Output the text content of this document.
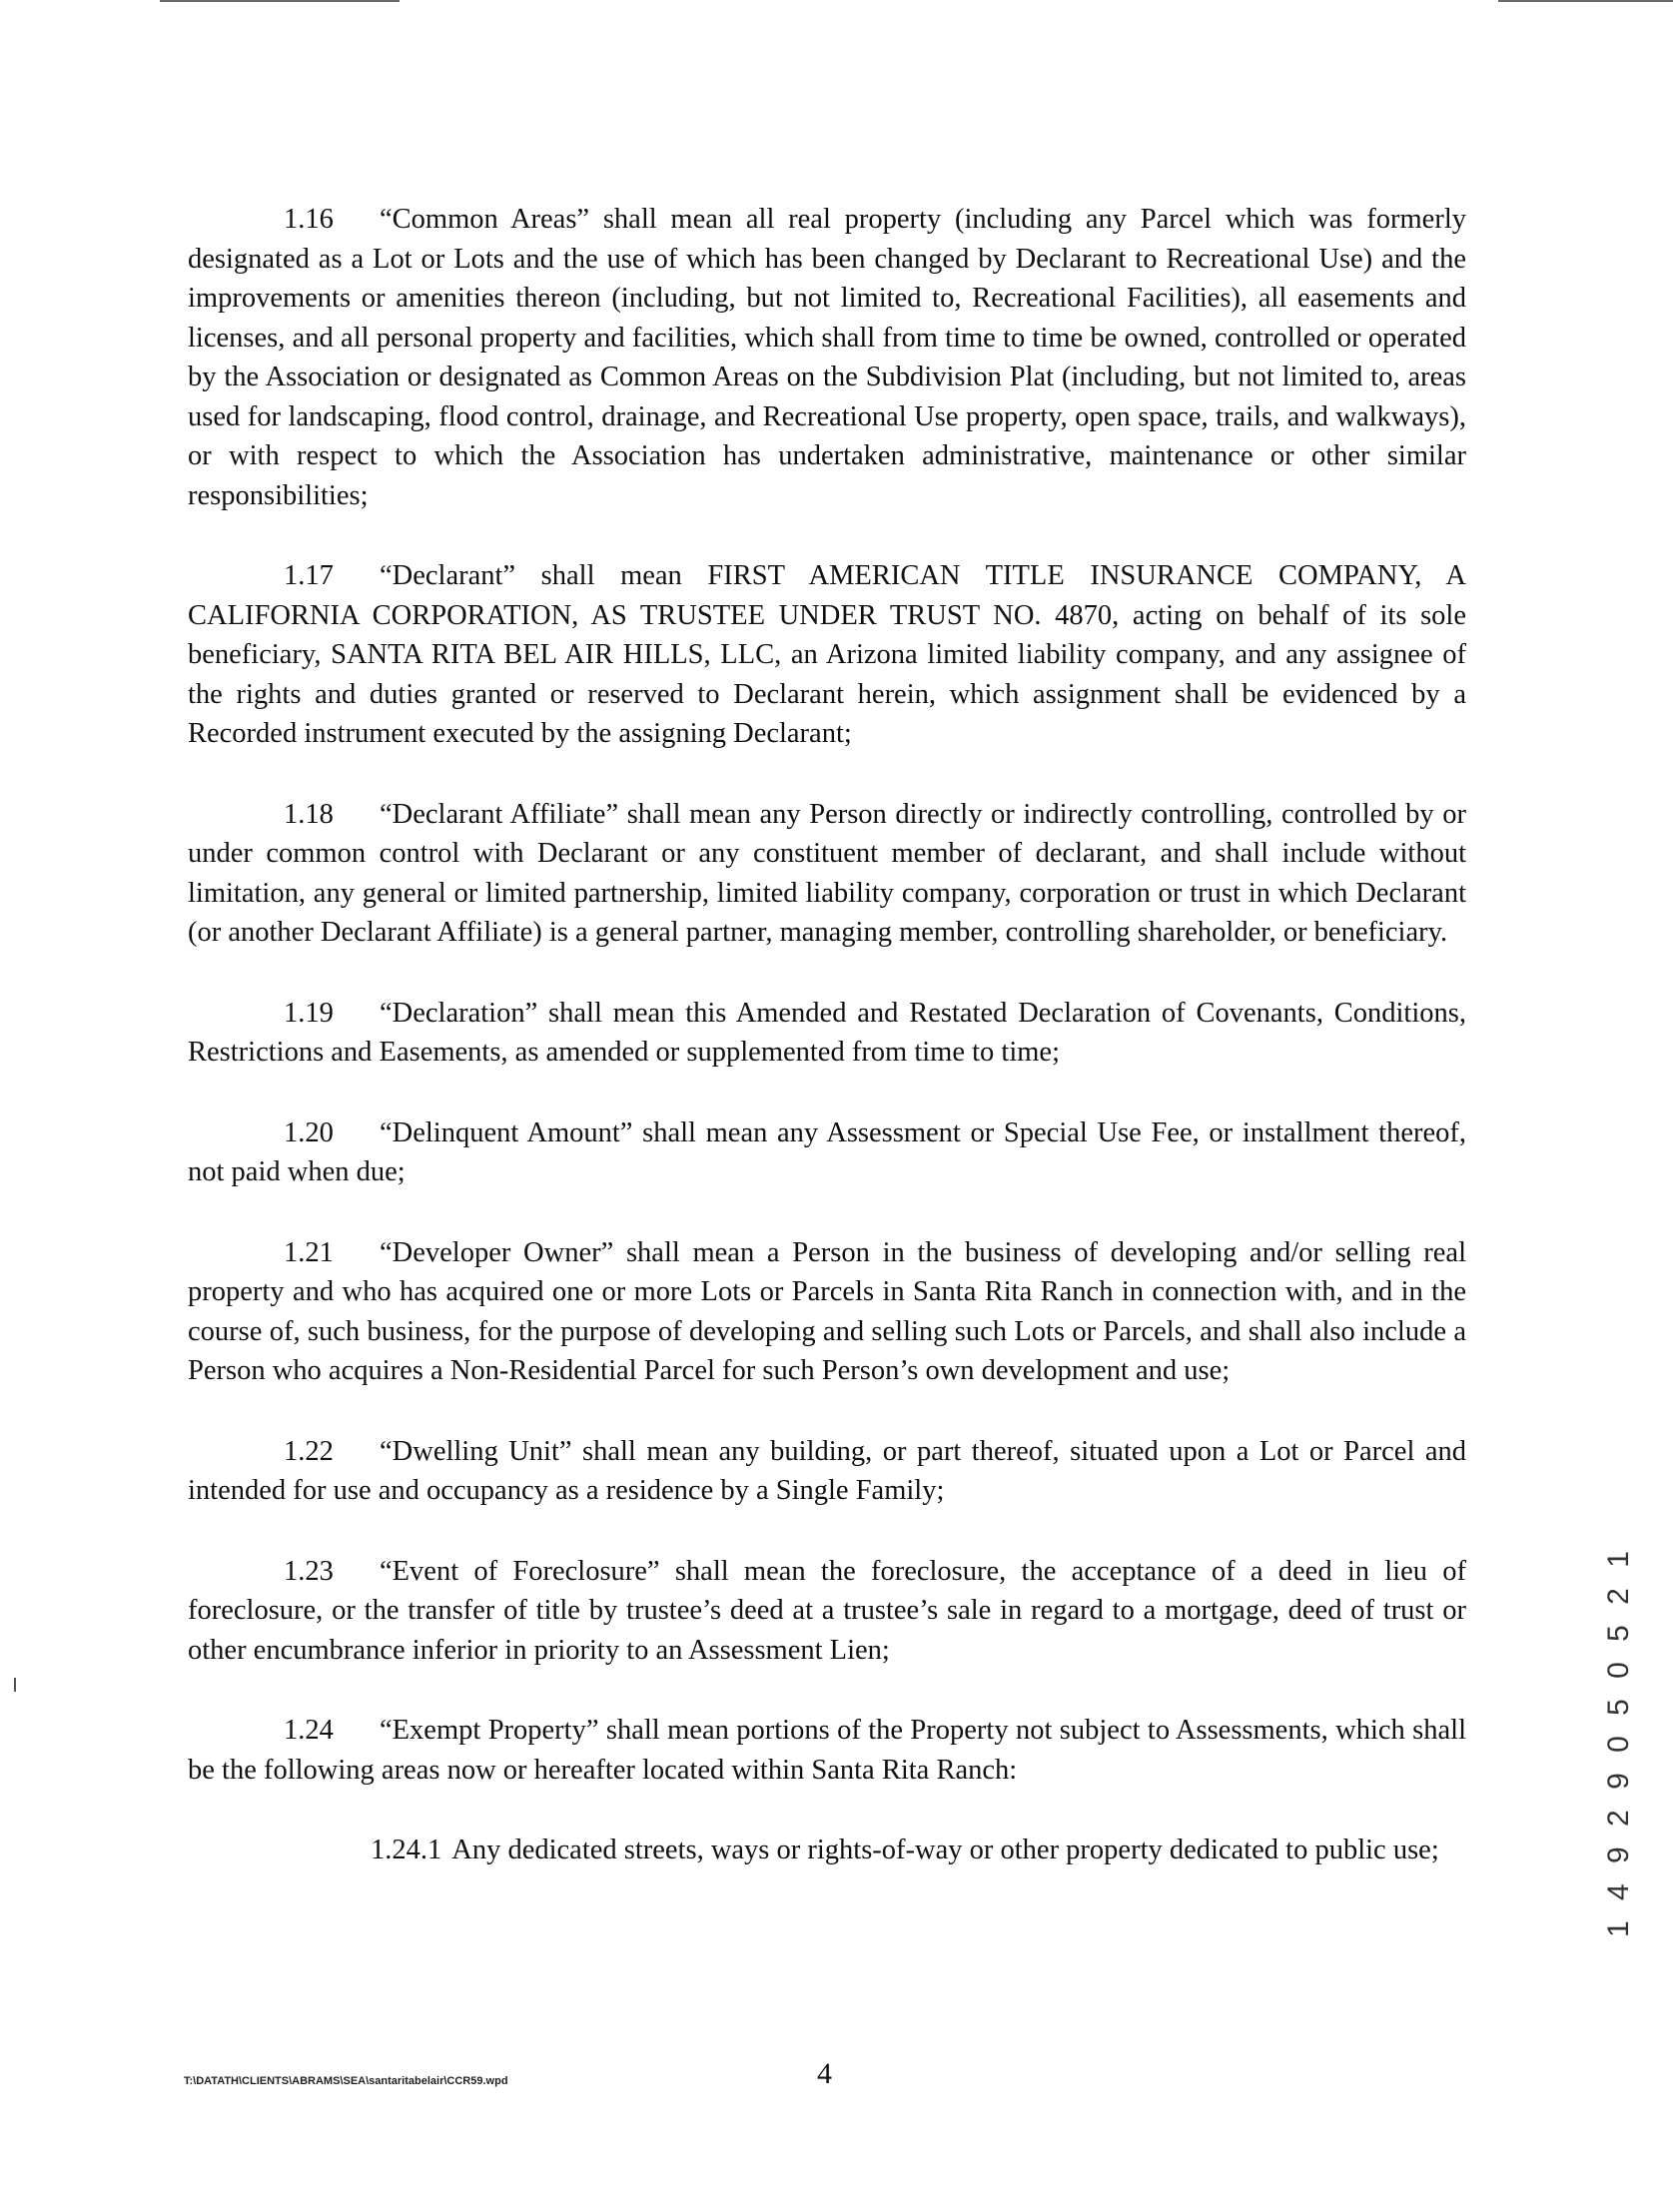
1.16 “Common Areas” shall mean all real property (including any Parcel which was formerly designated as a Lot or Lots and the use of which has been changed by Declarant to Recreational Use) and the improvements or amenities thereon (including, but not limited to, Recreational Facilities), all easements and licenses, and all personal property and facilities, which shall from time to time be owned, controlled or operated by the Association or designated as Common Areas on the Subdivision Plat (including, but not limited to, areas used for landscaping, flood control, drainage, and Recreational Use property, open space, trails, and walkways), or with respect to which the Association has undertaken administrative, maintenance or other similar responsibilities;

1.17 “Declarant” shall mean FIRST AMERICAN TITLE INSURANCE COMPANY, A CALIFORNIA CORPORATION, AS TRUSTEE UNDER TRUST NO. 4870, acting on behalf of its sole beneficiary, SANTA RITA BEL AIR HILLS, LLC, an Arizona limited liability company, and any assignee of the rights and duties granted or reserved to Declarant herein, which assignment shall be evidenced by a Recorded instrument executed by the assigning Declarant;

1.18 “Declarant Affiliate” shall mean any Person directly or indirectly controlling, controlled by or under common control with Declarant or any constituent member of declarant, and shall include without limitation, any general or limited partnership, limited liability company, corporation or trust in which Declarant (or another Declarant Affiliate) is a general partner, managing member, controlling shareholder, or beneficiary.

1.19 “Declaration” shall mean this Amended and Restated Declaration of Covenants, Conditions, Restrictions and Easements, as amended or supplemented from time to time;

1.20 “Delinquent Amount” shall mean any Assessment or Special Use Fee, or installment thereof, not paid when due;

1.21 “Developer Owner” shall mean a Person in the business of developing and/or selling real property and who has acquired one or more Lots or Parcels in Santa Rita Ranch in connection with, and in the course of, such business, for the purpose of developing and selling such Lots or Parcels, and shall also include a Person who acquires a Non-Residential Parcel for such Person’s own development and use;

1.22 “Dwelling Unit” shall mean any building, or part thereof, situated upon a Lot or Parcel and intended for use and occupancy as a residence by a Single Family;

1.23 “Event of Foreclosure” shall mean the foreclosure, the acceptance of a deed in lieu of foreclosure, or the transfer of title by trustee’s deed at a trustee’s sale in regard to a mortgage, deed of trust or other encumbrance inferior in priority to an Assessment Lien;

1.24 “Exempt Property” shall mean portions of the Property not subject to Assessments, which shall be the following areas now or hereafter located within Santa Rita Ranch:

1.24.1 Any dedicated streets, ways or rights-of-way or other property dedicated to public use;	1 4 9 2 9 0 5 0 5 2 1
T:\DATATH\CLIENTS\ABRAMS\SEA\santaritabelair\CCR59.wpd	4
